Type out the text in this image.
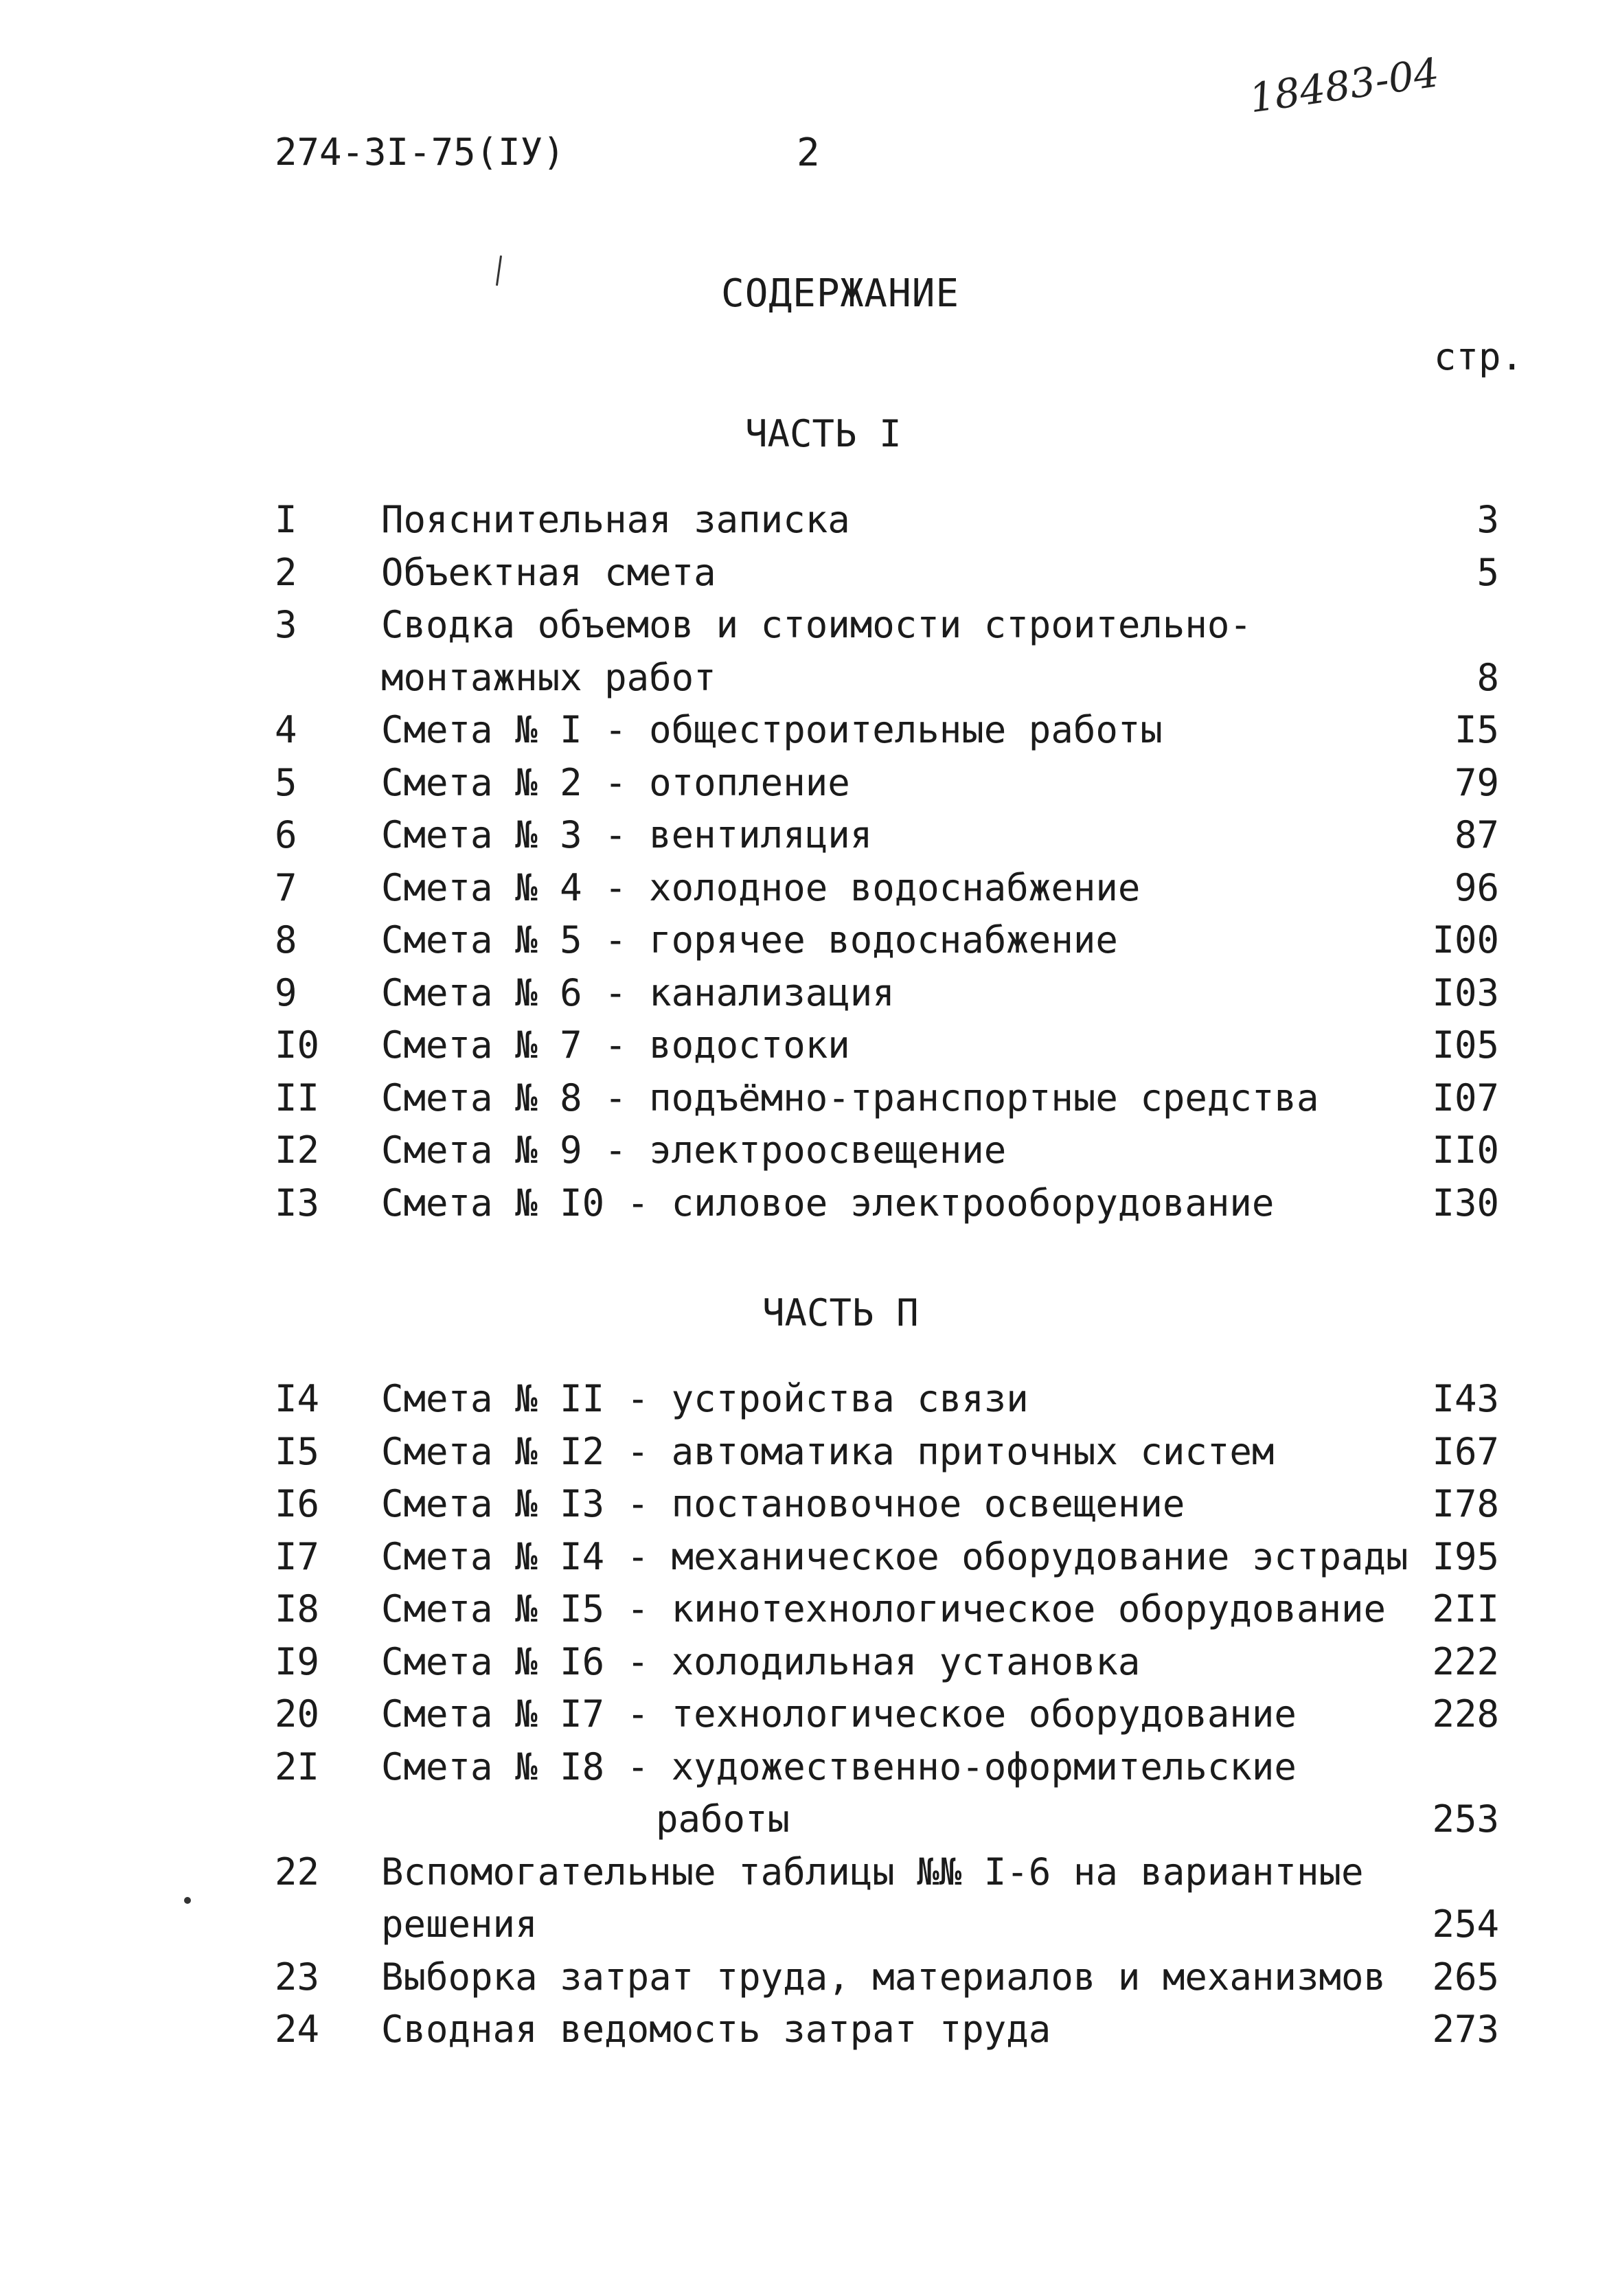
274-3I-75(IУ)	2
18483-04
СОДЕРЖАНИЕ
стр.
ЧАСТЬ I
I Пояснительная записка	3
2 Объектная смета	5
3 Сводка объемов и стоимости строительно-
монтажных работ	8
4 Смета № I - общестроительные работы	I5
5 Смета № 2 - отопление	79
6 Смета № 3 - вентиляция	87
7 Смета № 4 - холодное водоснабжение	96
8 Смета № 5 - горячее водоснабжение	I00
9 Смета № 6 - канализация	I03
I0 Смета № 7 - водостоки	I05
II Смета № 8 - подъёмно-транспортные средства	I07
I2 Смета № 9 - электроосвещение	II0
I3 Смета № I0 - силовое электрооборудование	I30
ЧАСТЬ П
I4 Смета № II - устройства связи	I43
I5 Смета № I2 - автоматика приточных систем	I67
I6 Смета № I3 - постановочное освещение	I78
I7 Смета № I4 - механическое оборудование эстрады I95
I8 Смета № I5 - кинотехнологическое оборудование	2II
I9 Смета № I6 - холодильная установка	222
20 Смета № I7 - технологическое оборудование	228
2I Смета № I8 - художественно-оформительские
работы	253
22 Вспомогательные таблицы №№ I-6 на вариантные
решения	254
23 Выборка затрат труда, материалов и механизмов	265
24 Сводная ведомость затрат труда	273
